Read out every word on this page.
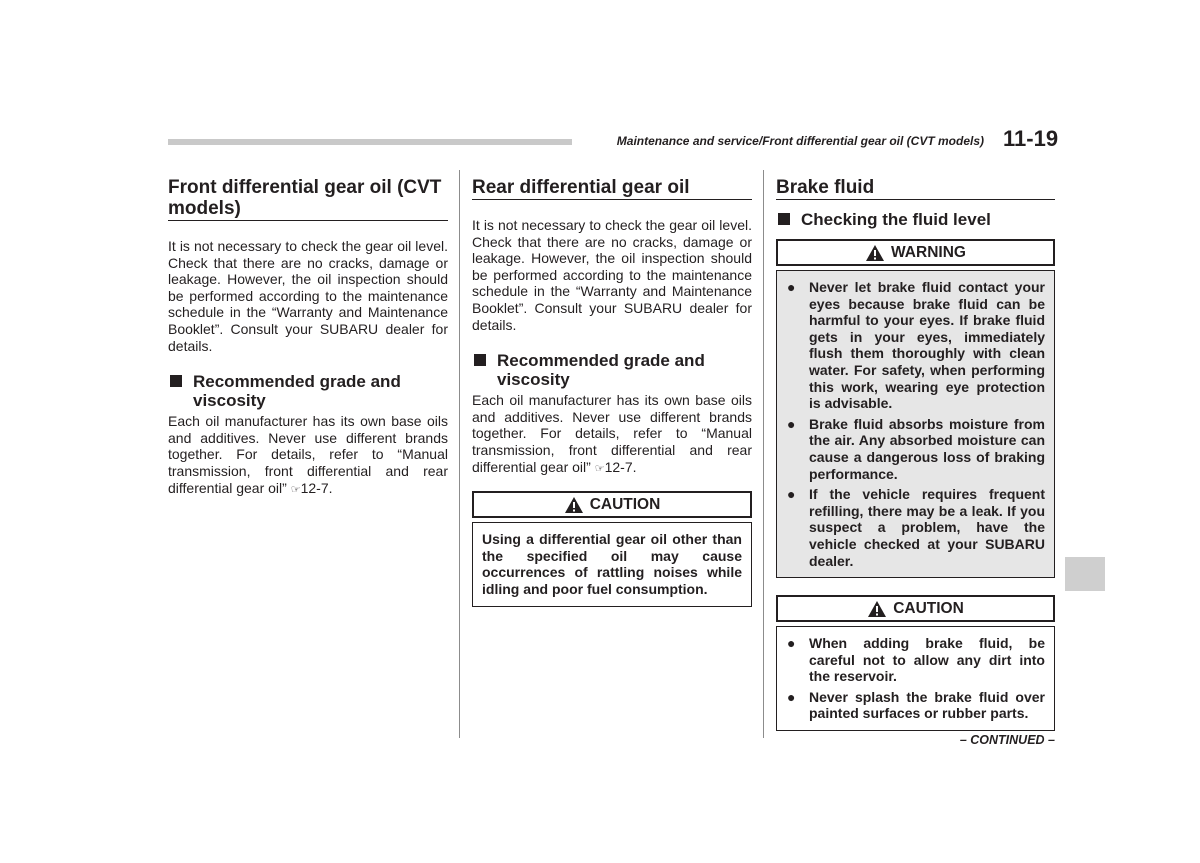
Maintenance and service/Front differential gear oil (CVT models) 11-19
Front differential gear oil (CVT models)

It is not necessary to check the gear oil level. Check that there are no cracks, damage or leakage. However, the oil inspection should be performed according to the maintenance schedule in the “Warranty and Maintenance Booklet”. Consult your SUBARU dealer for details.

Recommended grade and viscosity

Each oil manufacturer has its own base oils and additives. Never use different brands together. For details, refer to “Manual transmission, front differential and rear differential gear oil” ☞12-7.

Rear differential gear oil

It is not necessary to check the gear oil level. Check that there are no cracks, damage or leakage. However, the oil inspection should be performed according to the maintenance schedule in the “Warranty and Maintenance Booklet”. Consult your SUBARU dealer for details.

Recommended grade and viscosity

Each oil manufacturer has its own base oils and additives. Never use different brands together. For details, refer to “Manual transmission, front differential and rear differential gear oil” ☞12-7.

CAUTION
Using a differential gear oil other than the specified oil may cause occurrences of rattling noises while idling and poor fuel consumption.
Brake fluid
Checking the fluid level
WARNING
● Never let brake fluid contact your eyes because brake fluid can be harmful to your eyes. If brake fluid gets in your eyes, immediately flush them thoroughly with clean water. For safety, when performing this work, wearing eye protection is advisable.
● Brake fluid absorbs moisture from the air. Any absorbed moisture can cause a dangerous loss of braking performance.
● If the vehicle requires frequent refilling, there may be a leak. If you suspect a problem, have the vehicle checked at your SUBARU dealer.
CAUTION
● When adding brake fluid, be careful not to allow any dirt into the reservoir.
● Never splash the brake fluid over painted surfaces or rubber parts.
– CONTINUED –
